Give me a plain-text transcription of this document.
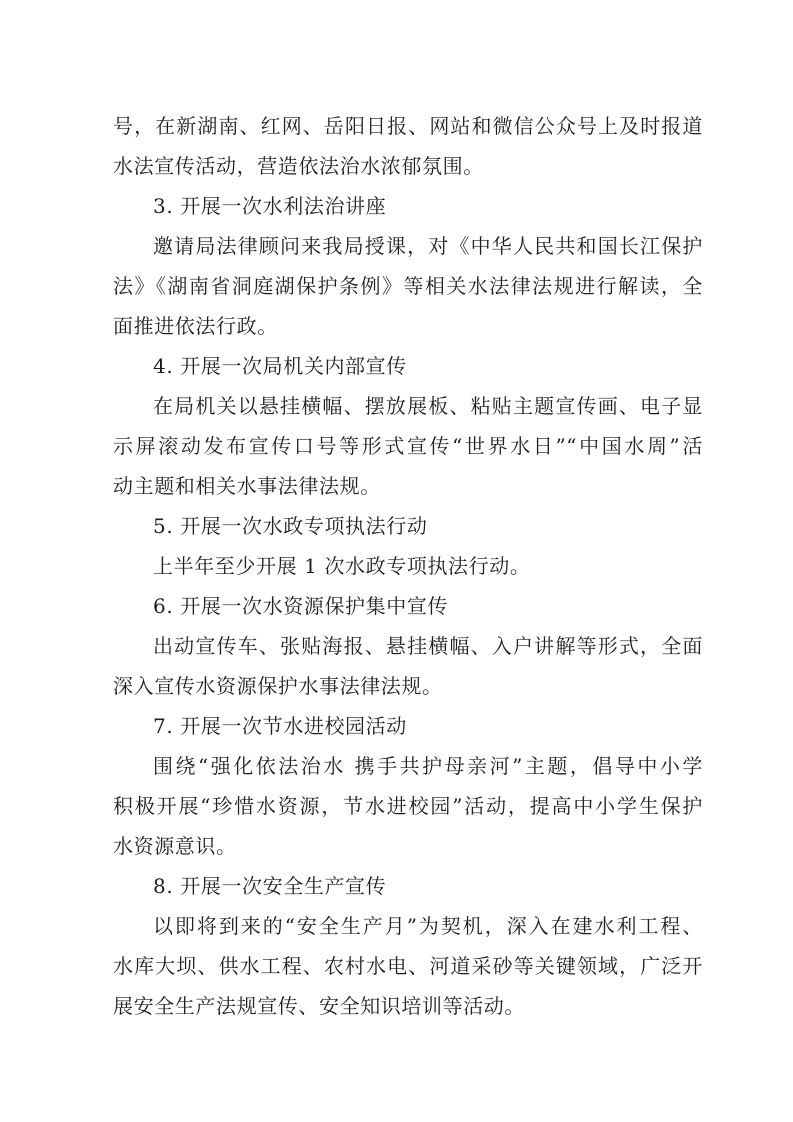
号，在新湖南、红网、岳阳日报、网站和微信公众号上及时报道
水法宣传活动，营造依法治水浓郁氛围。
3. 开展一次水利法治讲座
邀请局法律顾问来我局授课，对《中华人民共和国长江保护
法》《湖南省洞庭湖保护条例》等相关水法律法规进行解读，全
面推进依法行政。
4. 开展一次局机关内部宣传
在局机关以悬挂横幅、摆放展板、粘贴主题宣传画、电子显
示屏滚动发布宣传口号等形式宣传“世界水日”“中国水周”活
动主题和相关水事法律法规。
5. 开展一次水政专项执法行动
上半年至少开展 1 次水政专项执法行动。
6. 开展一次水资源保护集中宣传
出动宣传车、张贴海报、悬挂横幅、入户讲解等形式，全面
深入宣传水资源保护水事法律法规。
7. 开展一次节水进校园活动
围绕“强化依法治水 携手共护母亲河”主题，倡导中小学
积极开展“珍惜水资源，节水进校园”活动，提高中小学生保护
水资源意识。
8. 开展一次安全生产宣传
以即将到来的“安全生产月”为契机，深入在建水利工程、
水库大坝、供水工程、农村水电、河道采砂等关键领域，广泛开
展安全生产法规宣传、安全知识培训等活动。
